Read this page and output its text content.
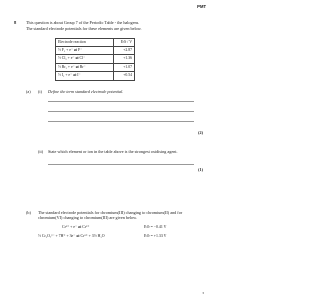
PMT
8 This question is about Group 7 of the Periodic Table - the halogens.
The standard electrode potentials for these elements are given below.
Electrode reaction	E⊖ / V
½ F₂ + e⁻ ⇌ F⁻	+2.87
½ Cl₂ + e⁻ ⇌ Cl⁻	+1.36
½ Br₂ + e⁻ ⇌ Br⁻	+1.07
½ I₂ + e⁻ ⇌ I⁻	+0.54
(a) (i) Define the term standard electrode potential.
(2)
(ii) State which element or ion in the table above is the strongest oxidising agent.
(1)
(b) The standard electrode potentials for chromium(III) changing to chromium(II) and for
chromium(VI) changing to chromium(III) are given below.
Cr³⁺ + e⁻ ⇌ Cr²⁺	E⊖ = −0.41 V
½ Cr₂O₇²⁻ + 7H⁺ + 3e⁻ ⇌ Cr³⁺ + 3½ H₂O	E⊖ = +1.33 V
3
